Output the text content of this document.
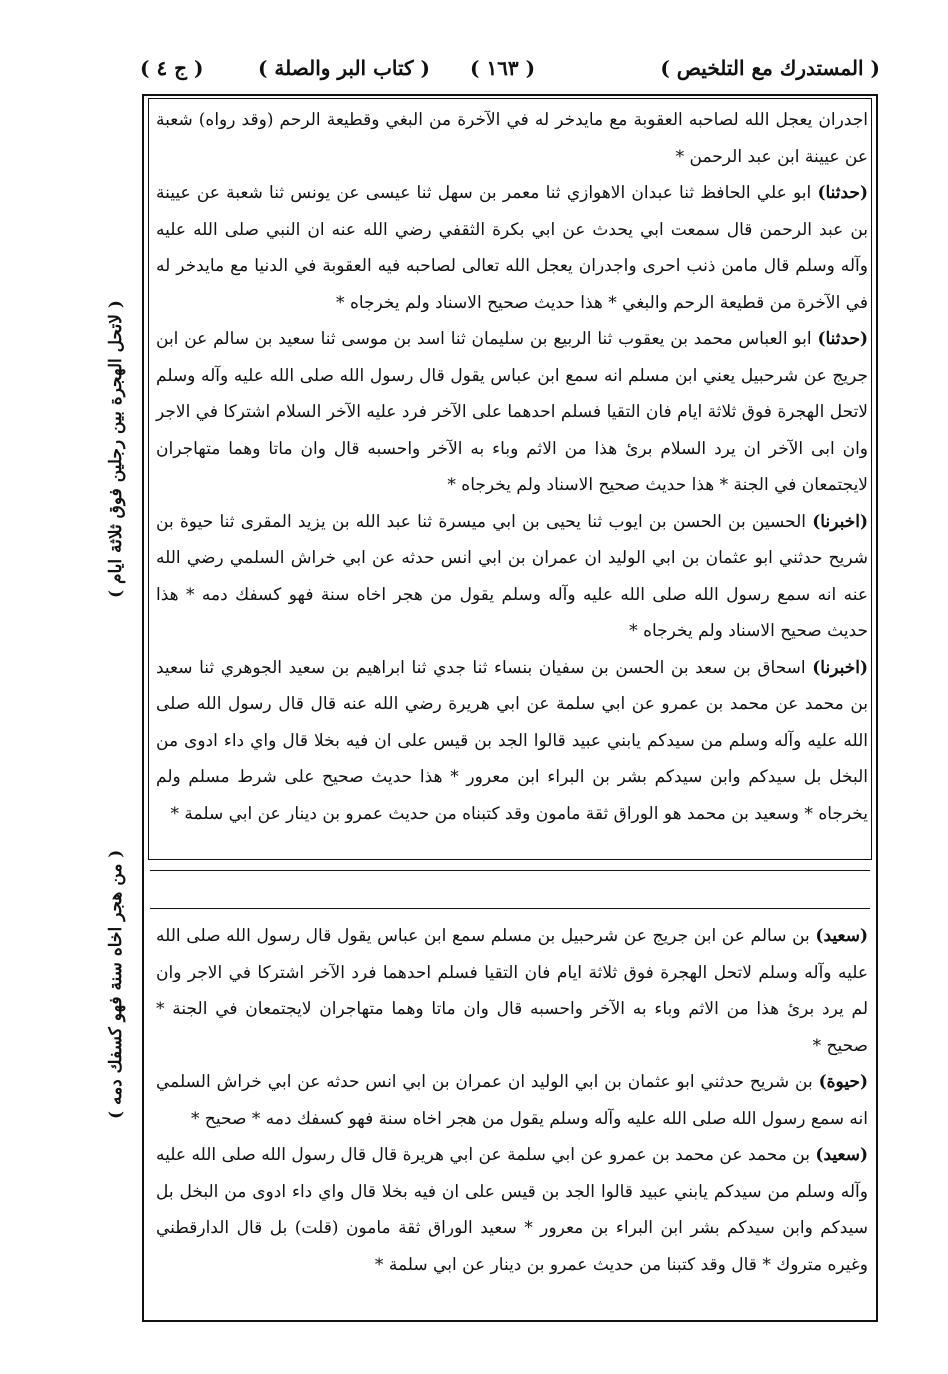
( المستدرك مع التلخيص )
( ١٦٣ )
( كتاب البر والصلة )
( ج ٤ )

اجدران يعجل الله لصاحبه العقوبة مع مايدخر له في الآخرة من البغي وقطيعة الرحم (وقد رواه) شعبة عن عيينة ابن عبد الرحمن *

(حدثنا) ابو علي الحافظ ثنا عبدان الاهوازي ثنا معمر بن سهل ثنا عيسى عن يونس ثنا شعبة عن عيينة بن عبد الرحمن قال سمعت ابي يحدث عن ابي بكرة الثقفي رضي الله عنه ان النبي صلى الله عليه وآله وسلم قال مامن ذنب احرى واجدران يعجل الله تعالى لصاحبه فيه العقوبة في الدنيا مع مايدخر له في الآخرة من قطيعة الرحم والبغي * هذا حديث صحيح الاسناد ولم يخرجاه *

(حدثنا) ابو العباس محمد بن يعقوب ثنا الربيع بن سليمان ثنا اسد بن موسى ثنا سعيد بن سالم عن ابن جريج عن شرحبيل يعني ابن مسلم انه سمع ابن عباس يقول قال رسول الله صلى الله عليه وآله وسلم لاتحل الهجرة فوق ثلاثة ايام فان التقيا فسلم احدهما على الآخر فرد عليه الآخر السلام اشتركا في الاجر وان ابى الآخر ان يرد السلام برئ هذا من الاثم وباء به الآخر واحسبه قال وان ماتا وهما متهاجران لايجتمعان في الجنة * هذا حديث صحيح الاسناد ولم يخرجاه *

(اخبرنا) الحسين بن الحسن بن ايوب ثنا يحيى بن ابي ميسرة ثنا عبد الله بن يزيد المقرى ثنا حيوة بن شريح حدثني ابو عثمان بن ابي الوليد ان عمران بن ابي انس حدثه عن ابي خراش السلمي رضي الله عنه انه سمع رسول الله صلى الله عليه وآله وسلم يقول من هجر اخاه سنة فهو كسفك دمه * هذا حديث صحيح الاسناد ولم يخرجاه *

(اخبرنا) اسحاق بن سعد بن الحسن بن سفيان بنساء ثنا جدي ثنا ابراهيم بن سعيد الجوهري ثنا سعيد بن محمد عن محمد بن عمرو عن ابي سلمة عن ابي هريرة رضي الله عنه قال قال رسول الله صلى الله عليه وآله وسلم من سيدكم يابني عبيد قالوا الجد بن قيس على ان فيه بخلا قال واي داء ادوى من البخل بل سيدكم وابن سيدكم بشر بن البراء ابن معرور * هذا حديث صحيح على شرط مسلم ولم يخرجاه * وسعيد بن محمد هو الوراق ثقة مامون وقد كتبناه من حديث عمرو بن دينار عن ابي سلمة *

(سعيد) بن سالم عن ابن جريج عن شرحبيل بن مسلم سمع ابن عباس يقول قال رسول الله صلى الله عليه وآله وسلم لاتحل الهجرة فوق ثلاثة ايام فان التقيا فسلم احدهما فرد الآخر اشتركا في الاجر وان لم يرد برئ هذا من الاثم وباء به الآخر واحسبه قال وان ماتا وهما متهاجران لايجتمعان في الجنة * صحيح *

(حيوة) بن شريح حدثني ابو عثمان بن ابي الوليد ان عمران بن ابي انس حدثه عن ابي خراش السلمي انه سمع رسول الله صلى الله عليه وآله وسلم يقول من هجر اخاه سنة فهو كسفك دمه * صحيح *

(سعيد) بن محمد عن محمد بن عمرو عن ابي سلمة عن ابي هريرة قال قال رسول الله صلى الله عليه وآله وسلم من سيدكم يابني عبيد قالوا الجد بن قيس على ان فيه بخلا قال واي داء ادوى من البخل بل سيدكم وابن سيدكم بشر ابن البراء بن معرور * سعيد الوراق ثقة مامون (قلت) بل قال الدارقطني وغيره متروك * قال وقد كتبنا من حديث عمرو بن دينار عن ابي سلمة *

( لاتحل الهجرة بين رجلين فوق ثلاثة ايام )
( من هجر اخاه سنة فهو كسفك دمه )
